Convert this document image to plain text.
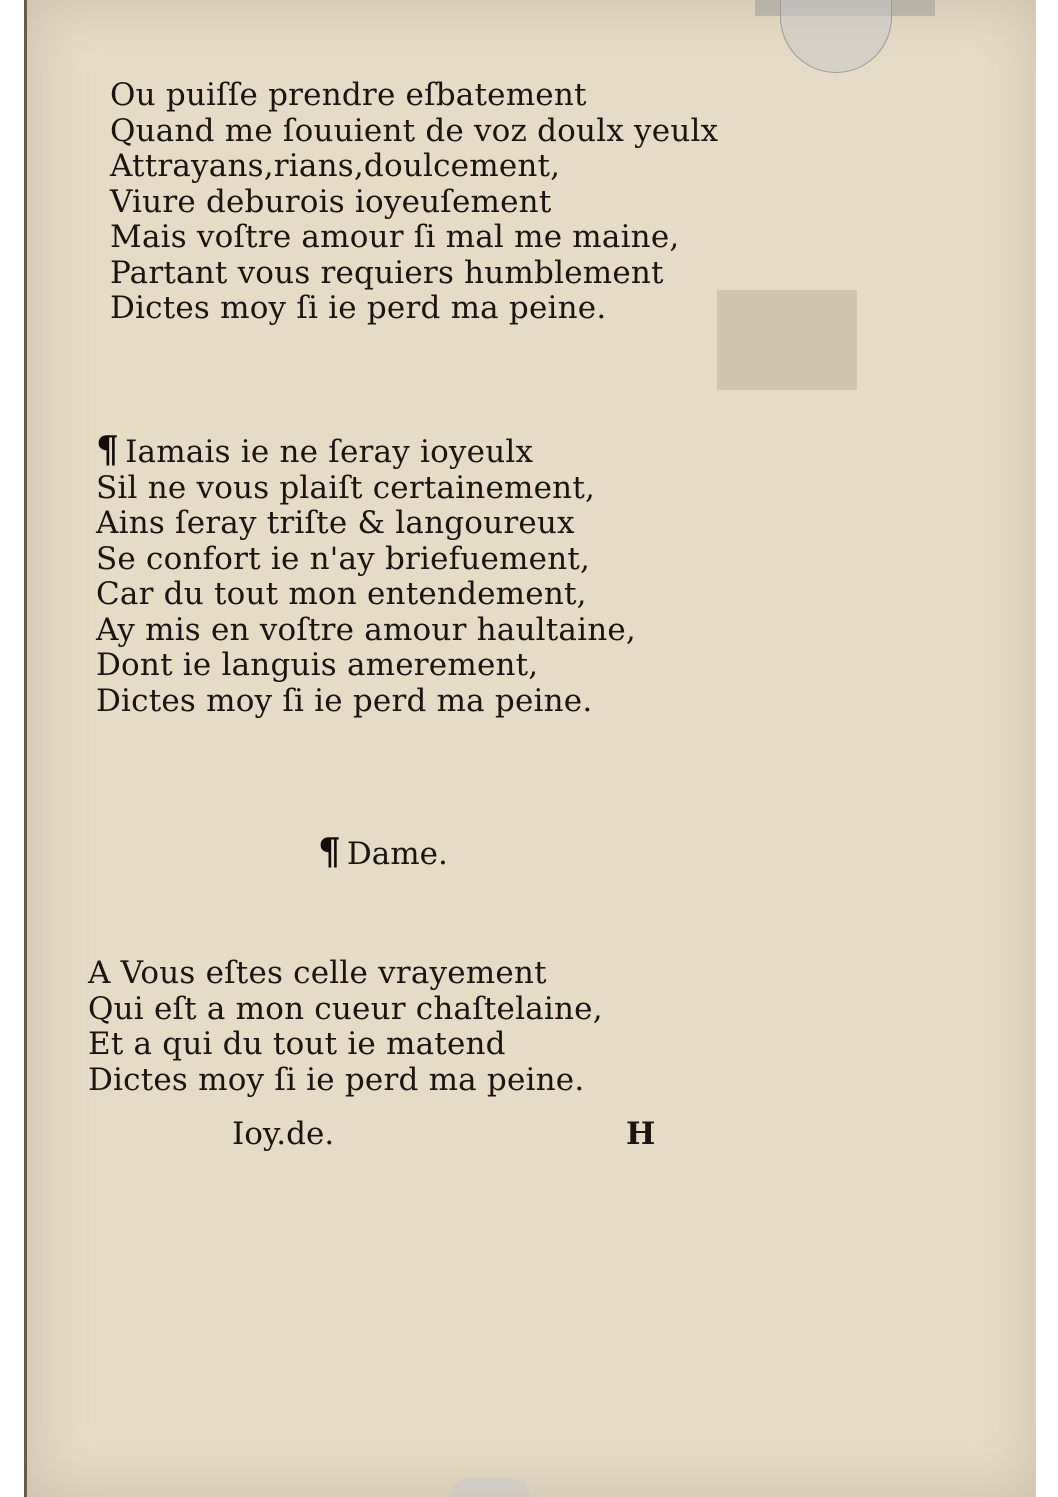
Ou puiſſe prendre eſbatement
Quand me ſouuient de voz doulx yeulx
Attrayans,rians,doulcement,
Viure deburois ioyeuſement
Mais voſtre amour ſi mal me maine,
Partant vous requiers humblement
Dictes moy ſi ie perd ma peine.
¶ Iamais ie ne ſeray ioyeulx
Sil ne vous plaiſt certainement,
Ains ſeray triſte & langoureux
Se confort ie n'ay briefuement,
Car du tout mon entendement,
Ay mis en voſtre amour haultaine,
Dont ie languis amerement,
Dictes moy ſi ie perd ma peine.
¶ Dame.
A Vous eſtes celle vrayement
Qui eſt a mon cueur chaſtelaine,
Et a qui du tout ie matend
Dictes moy ſi ie perd ma peine.
Ioy.de.	H
